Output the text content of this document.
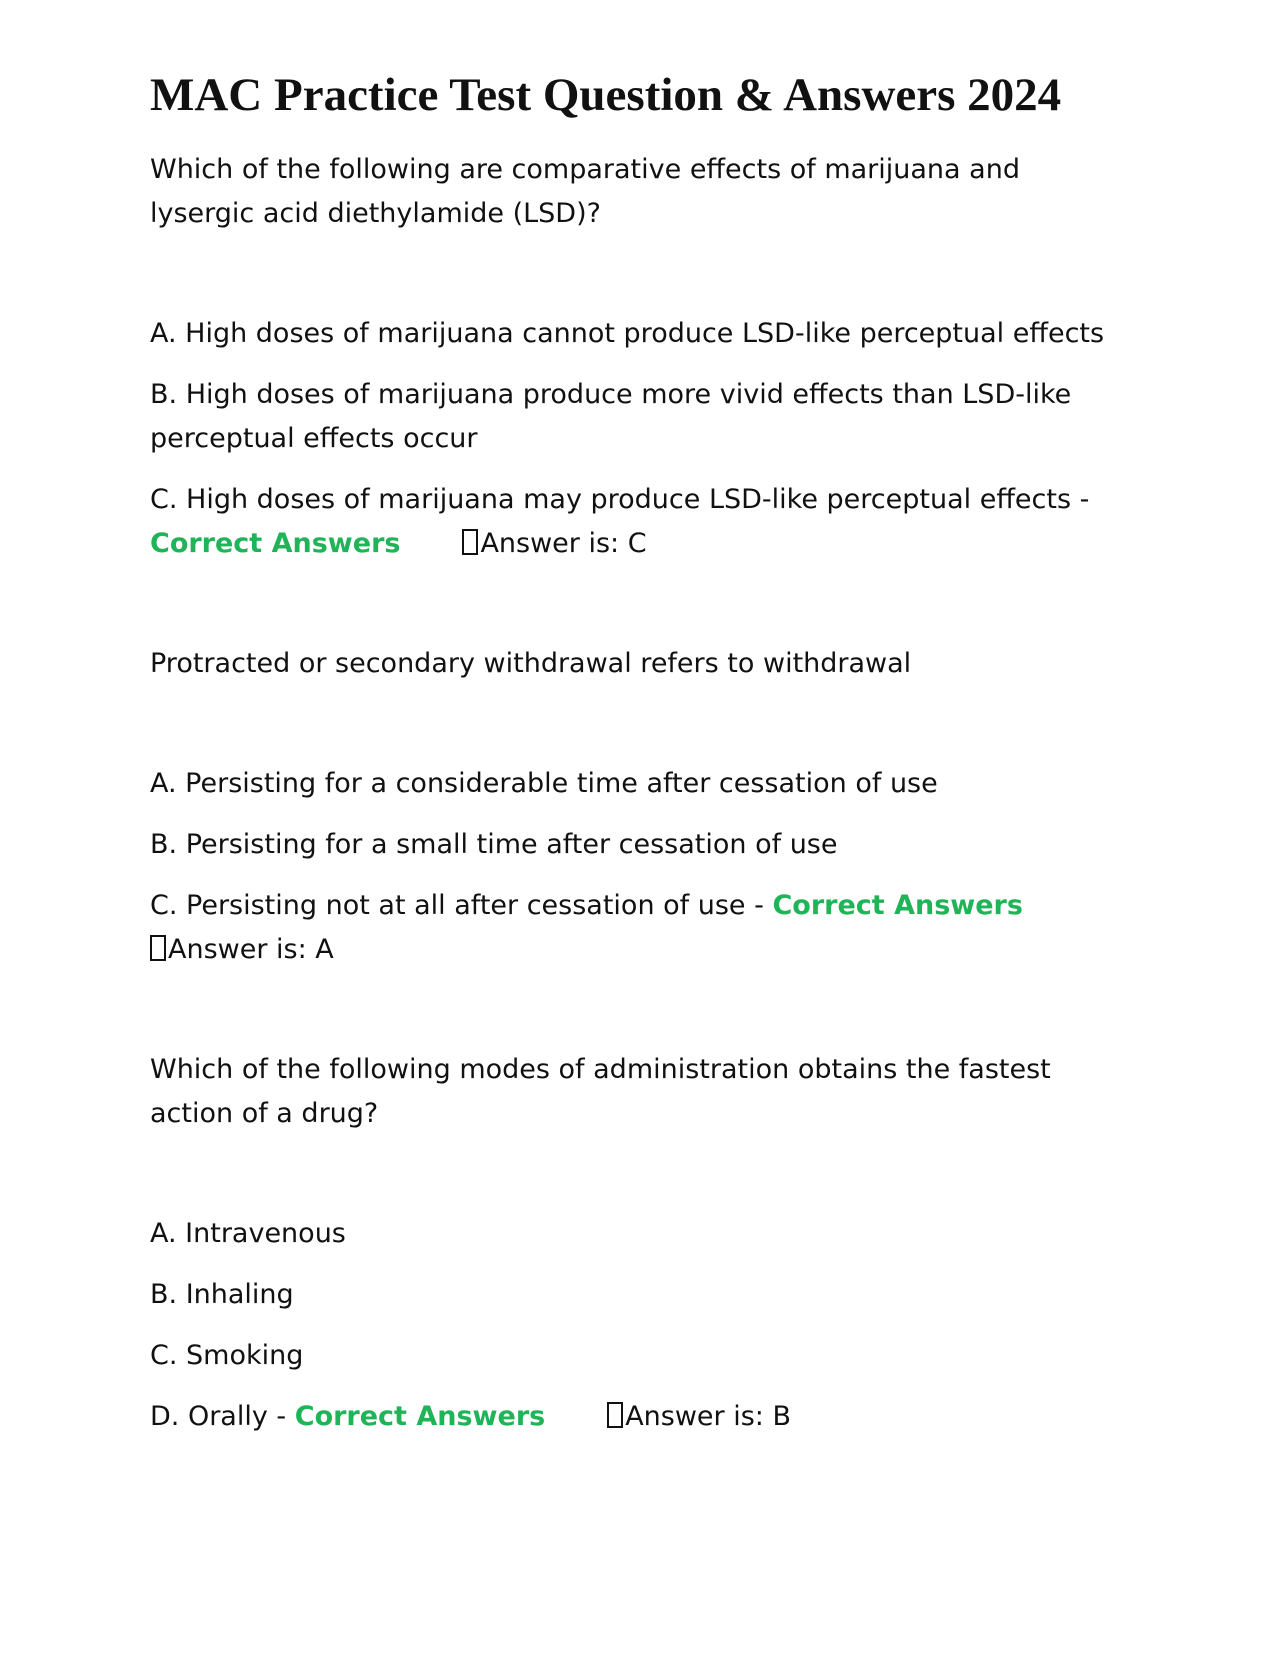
MAC Practice Test Question & Answers 2024

Which of the following are comparative effects of marijuana and lysergic acid diethylamide (LSD)?

A. High doses of marijuana cannot produce LSD-like perceptual effects

B. High doses of marijuana produce more vivid effects than LSD-like perceptual effects occur

C. High doses of marijuana may produce LSD-like perceptual effects - Correct Answers	Answer is: C

Protracted or secondary withdrawal refers to withdrawal

A. Persisting for a considerable time after cessation of use

B. Persisting for a small time after cessation of use

C. Persisting not at all after cessation of use - Correct Answers
Answer is: A

Which of the following modes of administration obtains the fastest action of a drug?

A. Intravenous

B. Inhaling

C. Smoking

D. Orally - Correct Answers	Answer is: B
